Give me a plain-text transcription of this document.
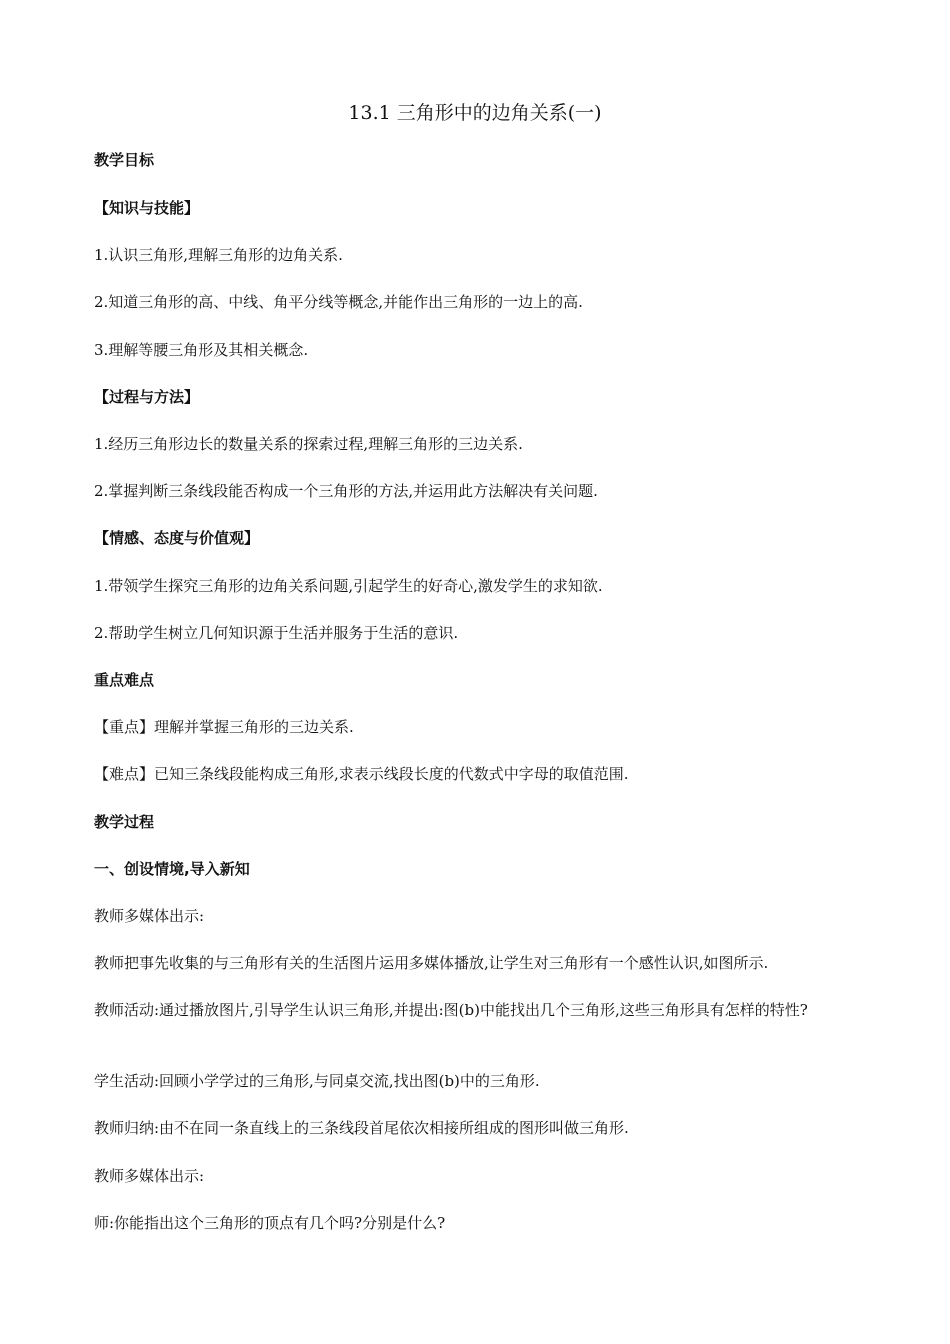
13.1 三角形中的边角关系(一)
教学目标
【知识与技能】
1.认识三角形,理解三角形的边角关系.
2.知道三角形的高、中线、角平分线等概念,并能作出三角形的一边上的高.
3.理解等腰三角形及其相关概念.
【过程与方法】
1.经历三角形边长的数量关系的探索过程,理解三角形的三边关系.
2.掌握判断三条线段能否构成一个三角形的方法,并运用此方法解决有关问题.
【情感、态度与价值观】
1.带领学生探究三角形的边角关系问题,引起学生的好奇心,激发学生的求知欲.
2.帮助学生树立几何知识源于生活并服务于生活的意识.
重点难点
【重点】理解并掌握三角形的三边关系.
【难点】已知三条线段能构成三角形,求表示线段长度的代数式中字母的取值范围.
教学过程
一、创设情境,导入新知
教师多媒体出示:
教师把事先收集的与三角形有关的生活图片运用多媒体播放,让学生对三角形有一个感性认识,如图所示.
教师活动:通过播放图片,引导学生认识三角形,并提出:图(b)中能找出几个三角形,这些三角形具有怎样的特性?
学生活动:回顾小学学过的三角形,与同桌交流,找出图(b)中的三角形.
教师归纳:由不在同一条直线上的三条线段首尾依次相接所组成的图形叫做三角形.
教师多媒体出示:
师:你能指出这个三角形的顶点有几个吗?分别是什么?
